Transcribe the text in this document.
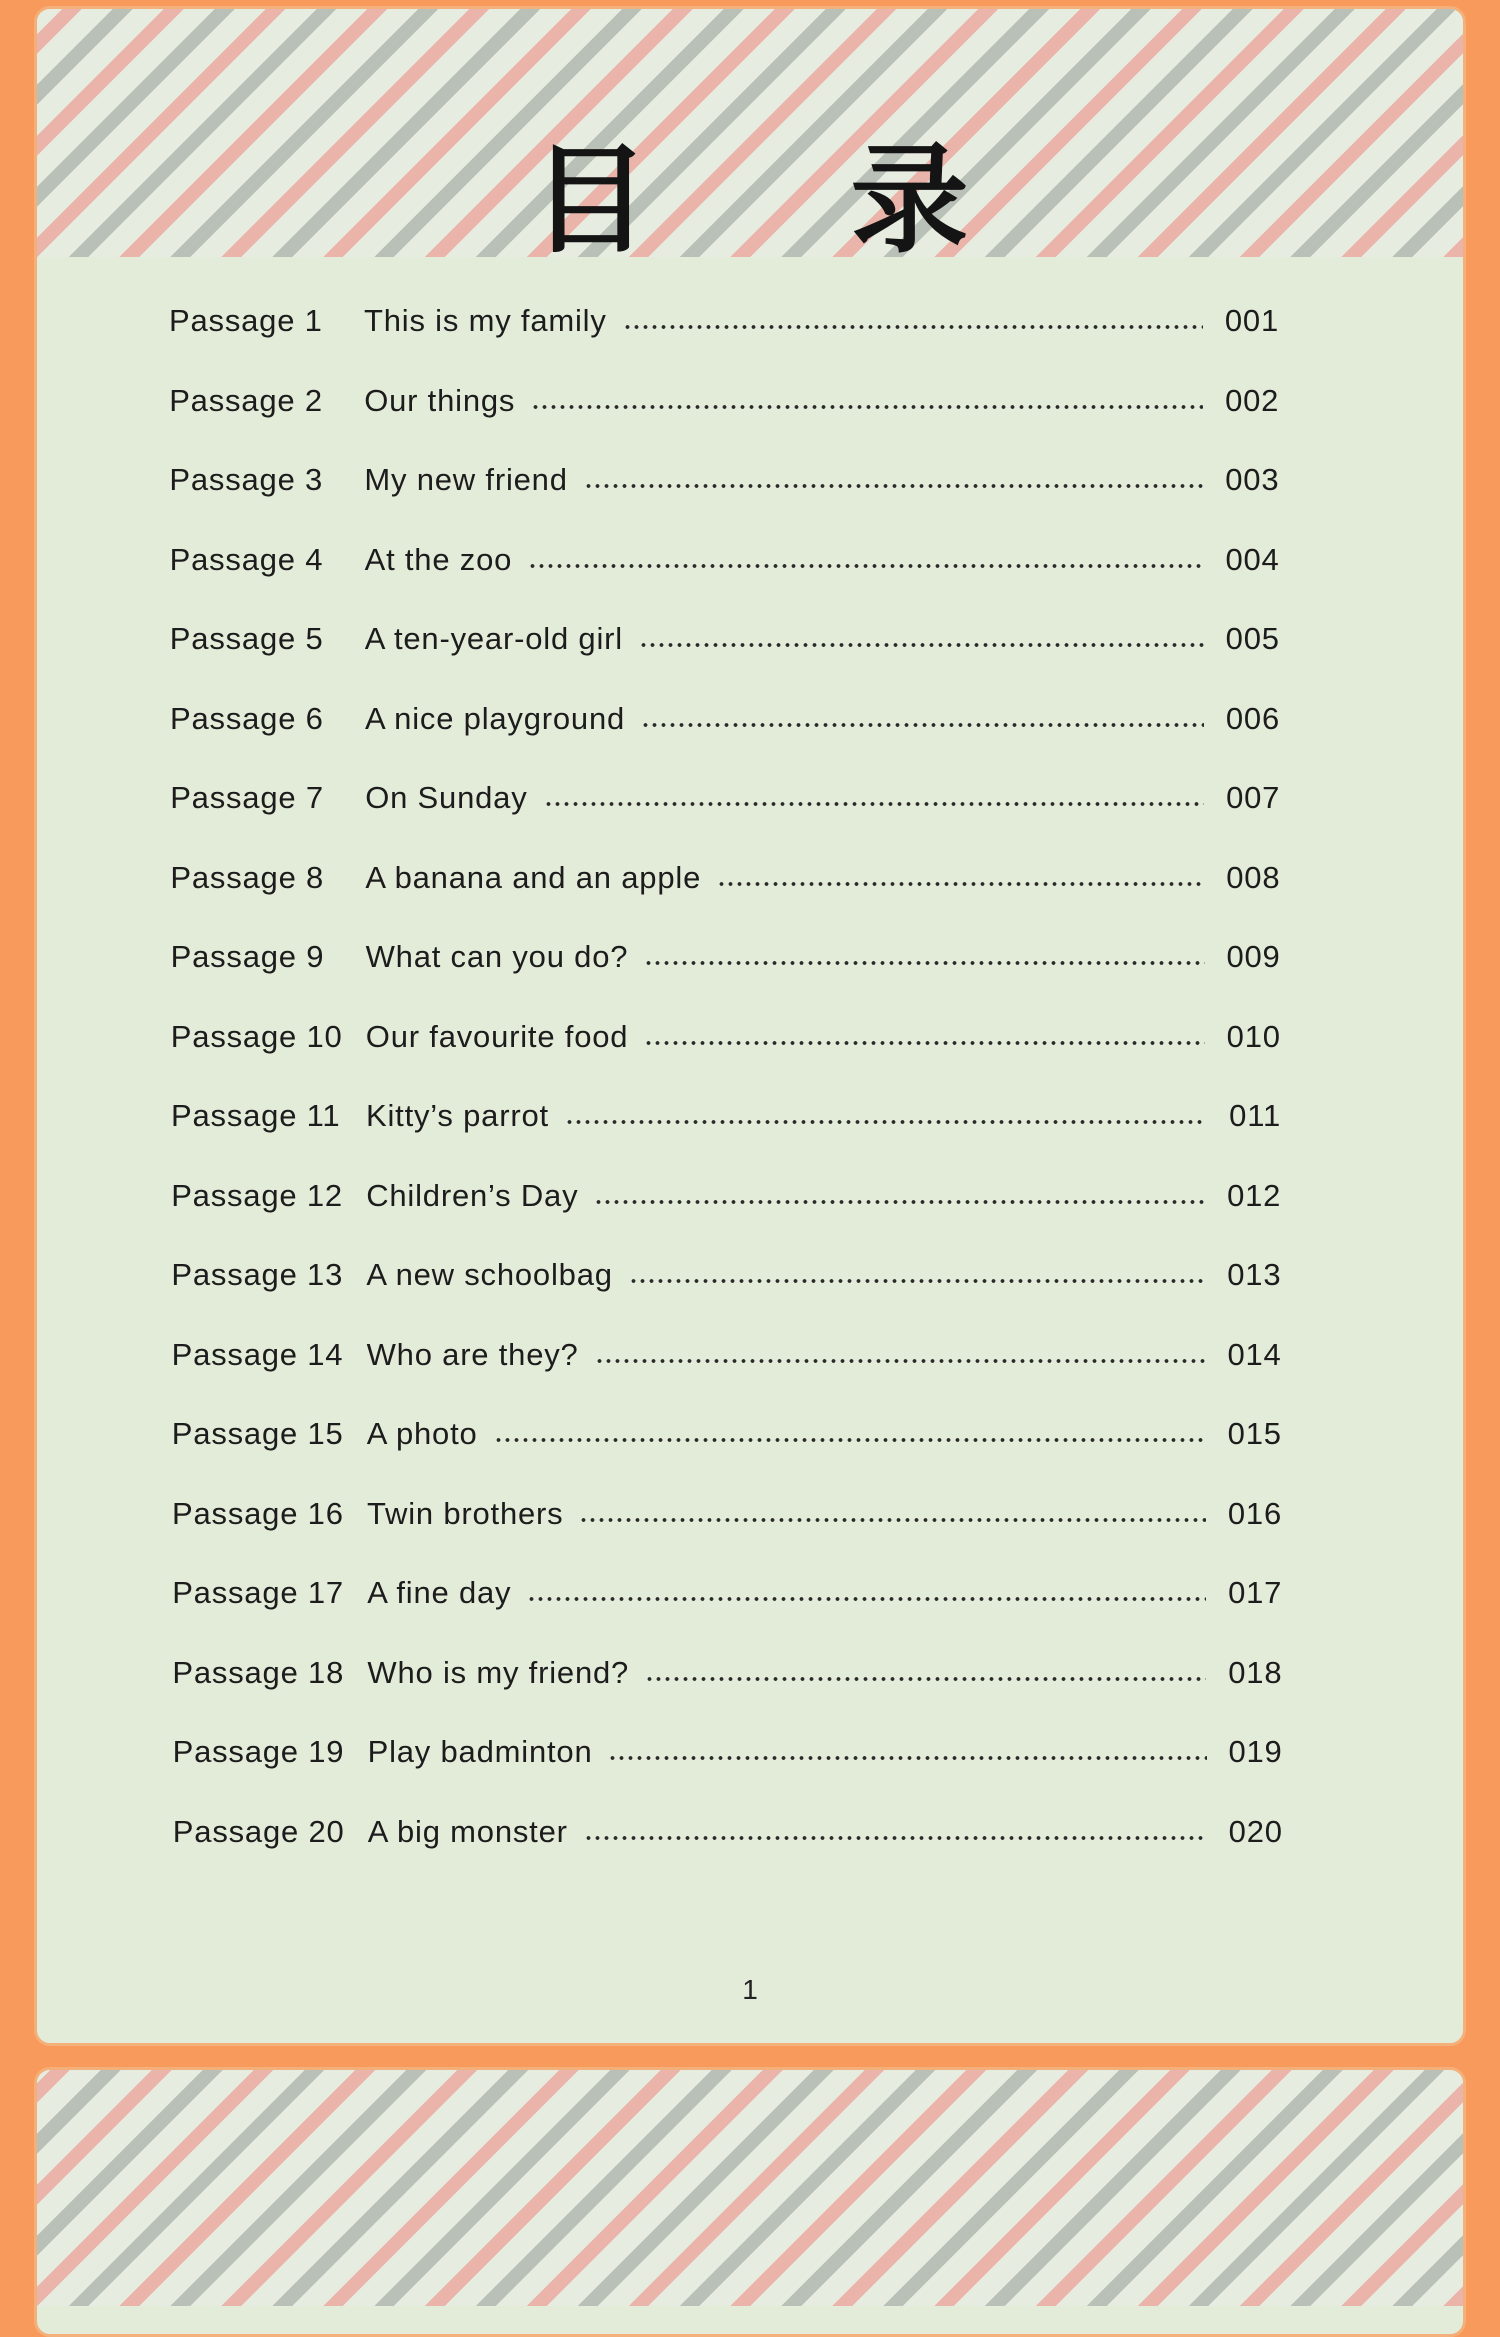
目 录
Passage 1	This is my family	001
Passage 2	Our things	002
Passage 3	My new friend	003
Passage 4	At the zoo	004
Passage 5	A ten-year-old girl	005
Passage 6	A nice playground	006
Passage 7	On Sunday	007
Passage 8	A banana and an apple	008
Passage 9	What can you do?	009
Passage 10 Our favourite food	010
Passage 11 Kitty’s parrot	011
Passage 12 Children’s Day	012
Passage 13 A new schoolbag	013
Passage 14 Who are they?	014
Passage 15 A photo	015
Passage 16 Twin brothers	016
Passage 17 A fine day	017
Passage 18 Who is my friend?	018
Passage 19 Play badminton	019
Passage 20 A big monster	020
1
